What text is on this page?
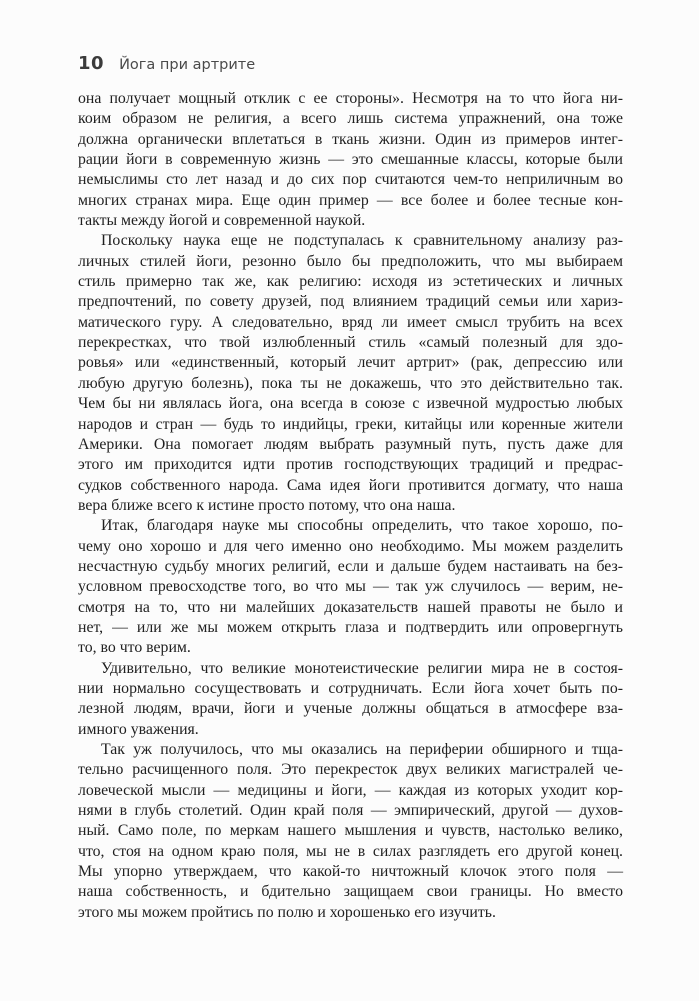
10 Йога при артрите
она получает мощный отклик с ее стороны». Несмотря на то что йога ни-
коим образом не религия, а всего лишь система упражнений, она тоже
должна органически вплетаться в ткань жизни. Один из примеров интег-
рации йоги в современную жизнь — это смешанные классы, которые были
немыслимы сто лет назад и до сих пор считаются чем-то неприличным во
многих странах мира. Еще один пример — все более и более тесные кон-
такты между йогой и современной наукой.
Поскольку наука еще не подступалась к сравнительному анализу раз-
личных стилей йоги, резонно было бы предположить, что мы выбираем
стиль примерно так же, как религию: исходя из эстетических и личных
предпочтений, по совету друзей, под влиянием традиций семьи или хариз-
матического гуру. А следовательно, вряд ли имеет смысл трубить на всех
перекрестках, что твой излюбленный стиль «самый полезный для здо-
ровья» или «единственный, который лечит артрит» (рак, депрессию или
любую другую болезнь), пока ты не докажешь, что это действительно так.
Чем бы ни являлась йога, она всегда в союзе с извечной мудростью любых
народов и стран — будь то индийцы, греки, китайцы или коренные жители
Америки. Она помогает людям выбрать разумный путь, пусть даже для
этого им приходится идти против господствующих традиций и предрас-
судков собственного народа. Сама идея йоги противится догмату, что наша
вера ближе всего к истине просто потому, что она наша.
Итак, благодаря науке мы способны определить, что такое хорошо, по-
чему оно хорошо и для чего именно оно необходимо. Мы можем разделить
несчастную судьбу многих религий, если и дальше будем настаивать на без-
условном превосходстве того, во что мы — так уж случилось — верим, не-
смотря на то, что ни малейших доказательств нашей правоты не было и
нет, — или же мы можем открыть глаза и подтвердить или опровергнуть
то, во что верим.
Удивительно, что великие монотеистические религии мира не в состоя-
нии нормально сосуществовать и сотрудничать. Если йога хочет быть по-
лезной людям, врачи, йоги и ученые должны общаться в атмосфере вза-
имного уважения.
Так уж получилось, что мы оказались на периферии обширного и тща-
тельно расчищенного поля. Это перекресток двух великих магистралей че-
ловеческой мысли — медицины и йоги, — каждая из которых уходит кор-
нями в глубь столетий. Один край поля — эмпирический, другой — духов-
ный. Само поле, по меркам нашего мышления и чувств, настолько велико,
что, стоя на одном краю поля, мы не в силах разглядеть его другой конец.
Мы упорно утверждаем, что какой-то ничтожный клочок этого поля —
наша собственность, и бдительно защищаем свои границы. Но вместо
этого мы можем пройтись по полю и хорошенько его изучить.
